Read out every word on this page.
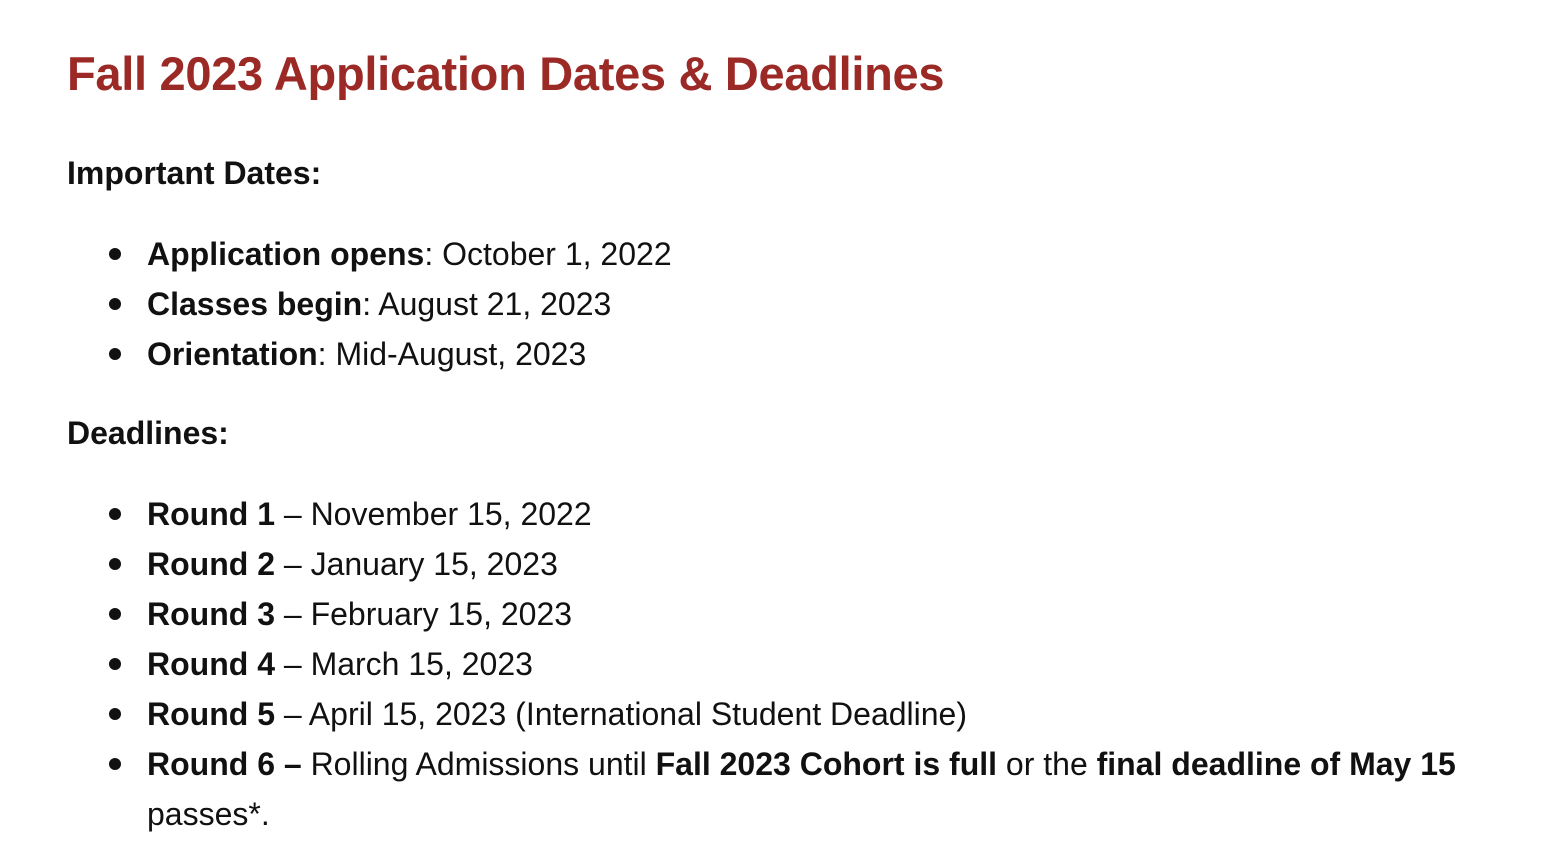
Fall 2023 Application Dates & Deadlines
Important Dates:
Application opens: October 1, 2022
Classes begin: August 21, 2023
Orientation: Mid-August, 2023
Deadlines:
Round 1 – November 15, 2022
Round 2 – January 15, 2023
Round 3 – February 15, 2023
Round 4 – March 15, 2023
Round 5 – April 15, 2023 (International Student Deadline)
Round 6 – Rolling Admissions until Fall 2023 Cohort is full or the final deadline of May 15 passes*.
